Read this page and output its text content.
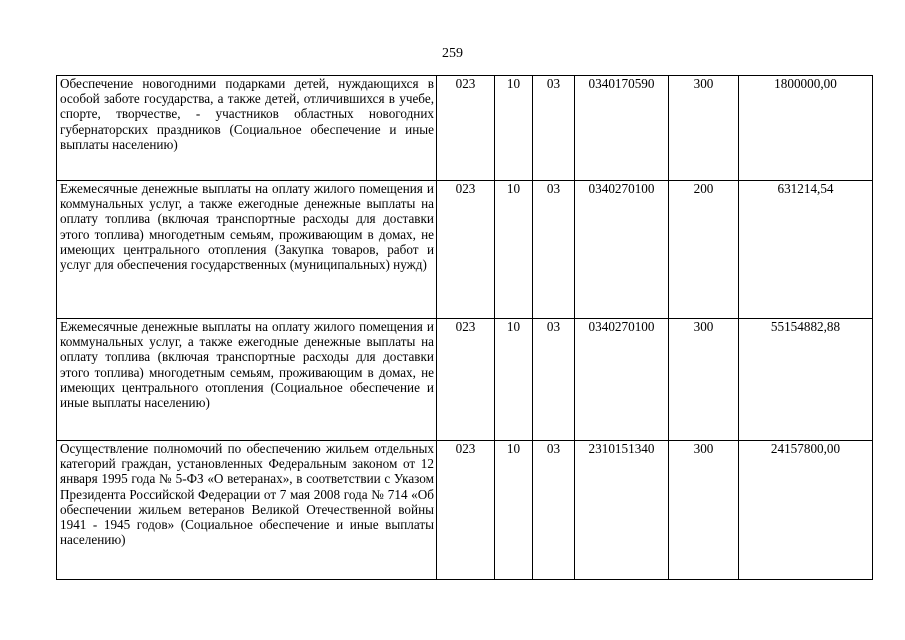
259
Обеспечение новогодними подарками детей, нуждающихся в особой заботе государства, а также детей, отличившихся в учебе, спорте, творчестве, - участников областных новогодних губернаторских праздников (Социальное обеспечение и иные выплаты населению)	023	10	03	0340170590	300	1800000,00
Ежемесячные денежные выплаты на оплату жилого помещения и коммунальных услуг, а также ежегодные денежные выплаты на оплату топлива (включая транспортные расходы для доставки этого топлива) многодетным семьям, проживающим в домах, не имеющих центрального отопления (Закупка товаров, работ и услуг для обеспечения государственных (муниципальных) нужд)	023	10	03	0340270100	200	631214,54
Ежемесячные денежные выплаты на оплату жилого помещения и коммунальных услуг, а также ежегодные денежные выплаты на оплату топлива (включая транспортные расходы для доставки этого топлива) многодетным семьям, проживающим в домах, не имеющих центрального отопления (Социальное обеспечение и иные выплаты населению)	023	10	03	0340270100	300	55154882,88
Осуществление полномочий по обеспечению жильем отдельных категорий граждан, установленных Федеральным законом от 12 января 1995 года № 5-ФЗ «О ветеранах», в соответствии с Указом Президента Российской Федерации от 7 мая 2008 года № 714 «Об обеспечении жильем ветеранов Великой Отечественной войны 1941 - 1945 годов» (Социальное обеспечение и иные выплаты населению)	023	10	03	2310151340	300	24157800,00
